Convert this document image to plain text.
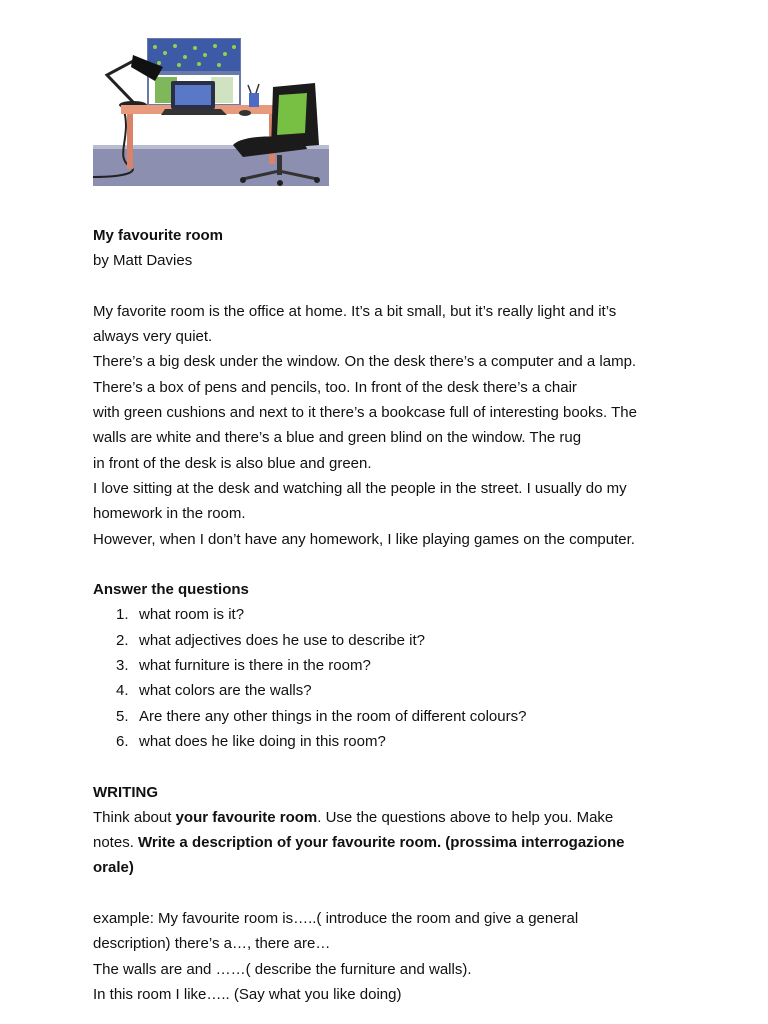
My favourite room
by Matt Davies
My favorite room is the office at home. It’s a bit small, but it’s really light and it’s
always very quiet.
There’s a big desk under the window. On the desk there’s a computer and a lamp.
There’s a box of pens and pencils, too. In front of the desk there’s a chair
with green cushions and next to it there’s a bookcase full of interesting books. The
walls are white and there’s a blue and green blind on the window. The rug
in front of the desk is also blue and green.
I love sitting at the desk and watching all the people in the street. I usually do my
homework in the room.
However, when I don’t have any homework, I like playing games on the computer.
Answer the questions
1. what room is it?
2. what adjectives does he use to describe it?
3. what furniture is there in the room?
4. what colors are the walls?
5. Are there any other things in the room of different colours?
6. what does he like doing in this room?
WRITING
Think about your favourite room. Use the questions above to help you. Make
notes. Write a description of your favourite room. (prossima interrogazione
orale)
example: My favourite room is…..( introduce the room and give a general
description) there’s a…, there are…
The walls are and ……( describe the furniture and walls).
In this room I like….. (Say what you like doing)
